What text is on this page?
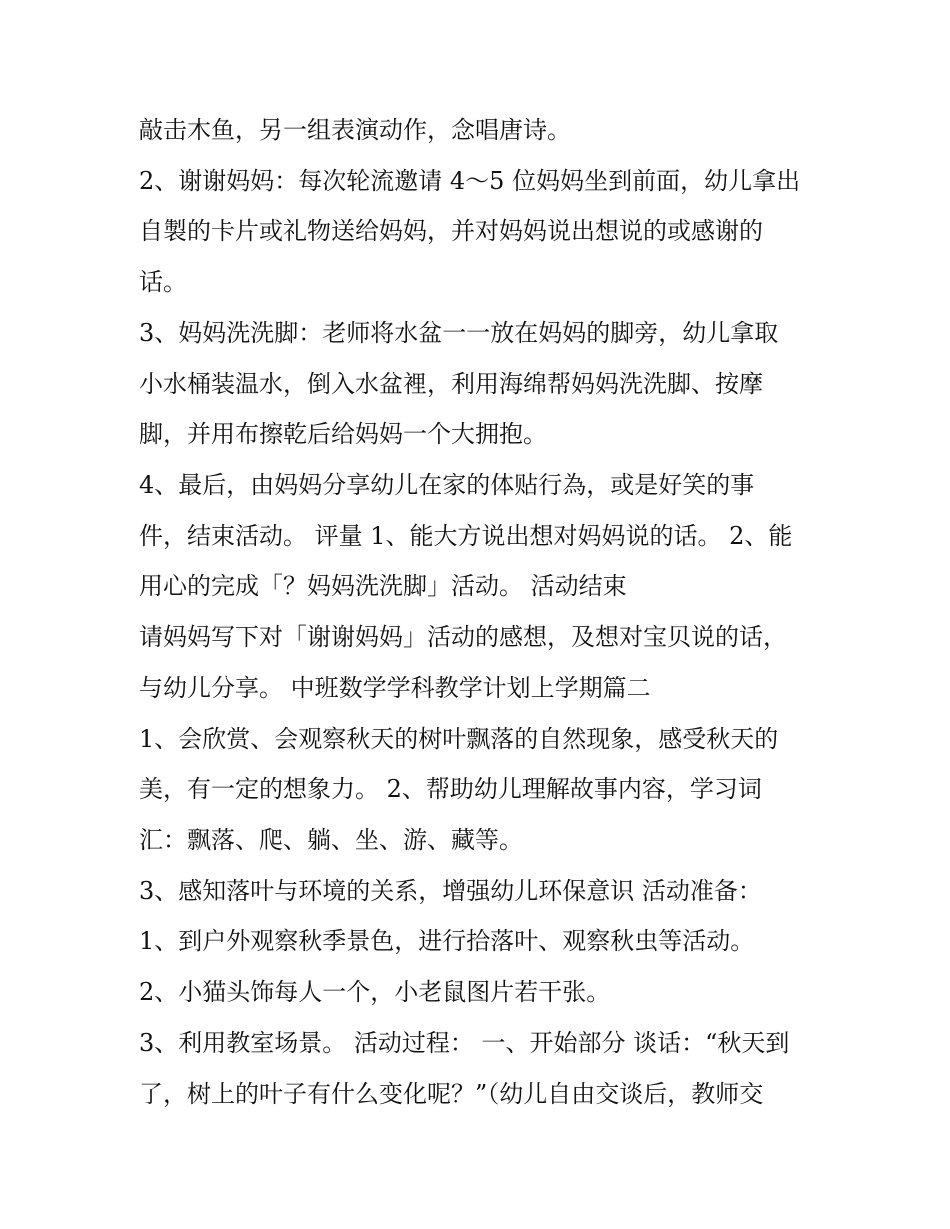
敲击木鱼，另一组表演动作，念唱唐诗。
2、谢谢妈妈：每次轮流邀请 4～5 位妈妈坐到前面，幼儿拿出
自製的卡片或礼物送给妈妈，并对妈妈说出想说的或感谢的
话。
3、妈妈洗洗脚：老师将水盆一一放在妈妈的脚旁，幼儿拿取
小水桶装温水，倒入水盆裡，利用海绵帮妈妈洗洗脚、按摩
脚，并用布擦乾后给妈妈一个大拥抱。
4、最后，由妈妈分享幼儿在家的体贴行為，或是好笑的事
件，结束活动。 评量 1、能大方说出想对妈妈说的话。 2、能
用心的完成「？妈妈洗洗脚」活动。 活动结束
请妈妈写下对「谢谢妈妈」活动的感想，及想对宝贝说的话，
与幼儿分享。 中班数学学科教学计划上学期篇二
1、会欣赏、会观察秋天的树叶飘落的自然现象，感受秋天的
美，有一定的想象力。 2、帮助幼儿理解故事内容，学习词
汇：飘落、爬、躺、坐、游、藏等。
3、感知落叶与环境的关系，增强幼儿环保意识 活动准备：
1、到户外观察秋季景色，进行拾落叶、观察秋虫等活动。
2、小猫头饰每人一个，小老鼠图片若干张。
3、利用教室场景。 活动过程： 一、开始部分 谈话：“秋天到
了，树上的叶子有什么变化呢？”（幼儿自由交谈后，教师交
